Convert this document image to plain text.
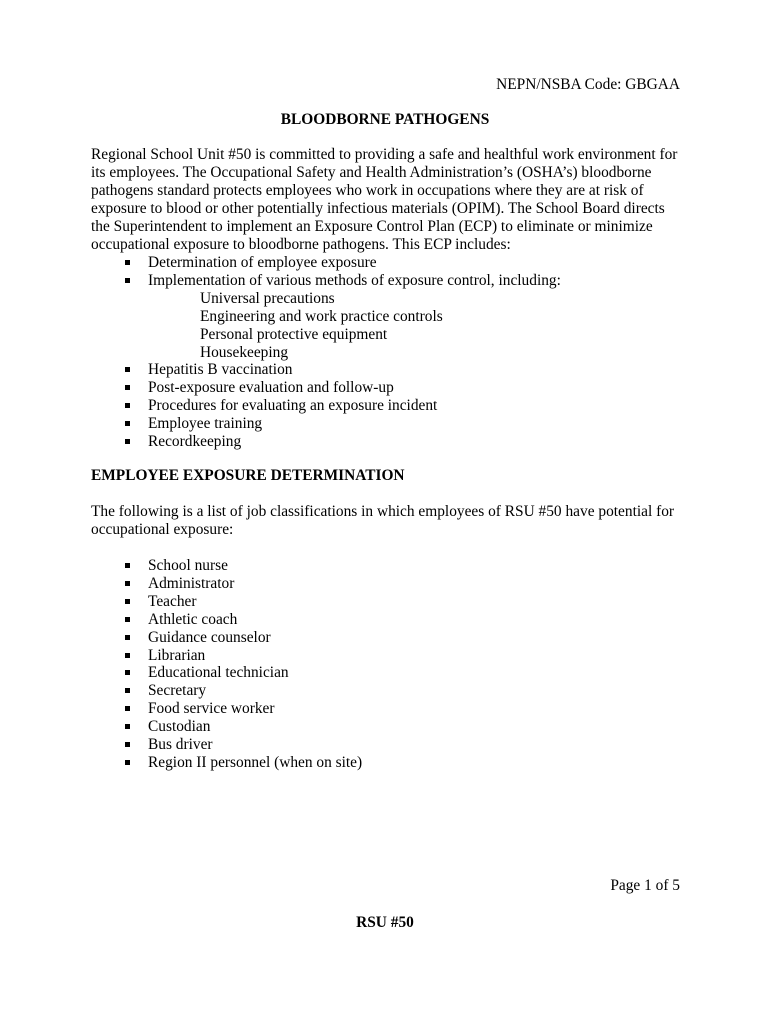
NEPN/NSBA Code: GBGAA
BLOODBORNE PATHOGENS
Regional School Unit #50 is committed to providing a safe and healthful work environment for
its employees. The Occupational Safety and Health Administration’s (OSHA’s) bloodborne
pathogens standard protects employees who work in occupations where they are at risk of
exposure to blood or other potentially infectious materials (OPIM). The School Board directs
the Superintendent to implement an Exposure Control Plan (ECP) to eliminate or minimize
occupational exposure to bloodborne pathogens. This ECP includes:
Determination of employee exposure
Implementation of various methods of exposure control, including:
Universal precautions
Engineering and work practice controls
Personal protective equipment
Housekeeping
Hepatitis B vaccination
Post-exposure evaluation and follow-up
Procedures for evaluating an exposure incident
Employee training
Recordkeeping
EMPLOYEE EXPOSURE DETERMINATION
The following is a list of job classifications in which employees of RSU #50 have potential for
occupational exposure:
School nurse
Administrator
Teacher
Athletic coach
Guidance counselor
Librarian
Educational technician
Secretary
Food service worker
Custodian
Bus driver
Region II personnel (when on site)
Page 1 of 5
RSU #50
